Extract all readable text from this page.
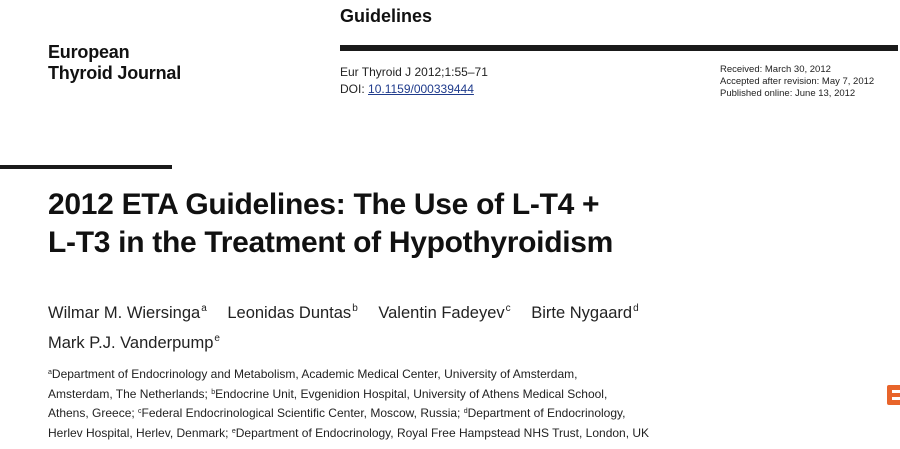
European
Thyroid Journal
Guidelines
Eur Thyroid J 2012;1:55–71
DOI: 10.1159/000339444
Received: March 30, 2012
Accepted after revision: May 7, 2012
Published online: June 13, 2012
2012 ETA Guidelines: The Use of L-T4 +
L-T3 in the Treatment of Hypothyroidism
Wilmar M. Wiersinga$^a$ Leonidas Duntas$^b$ Valentin Fadeyev$^c$ Birte Nygaard$^d$
Mark P.J. Vanderpump$^e$
$^a$Department of Endocrinology and Metabolism, Academic Medical Center, University of Amsterdam,
Amsterdam, The Netherlands; $^b$Endocrine Unit, Evgenidion Hospital, University of Athens Medical School,
Athens, Greece; $^c$Federal Endocrinological Scientific Center, Moscow, Russia; $^d$Department of Endocrinology,
Herlev Hospital, Herlev, Denmark; $^e$Department of Endocrinology, Royal Free Hampstead NHS Trust, London, UK
